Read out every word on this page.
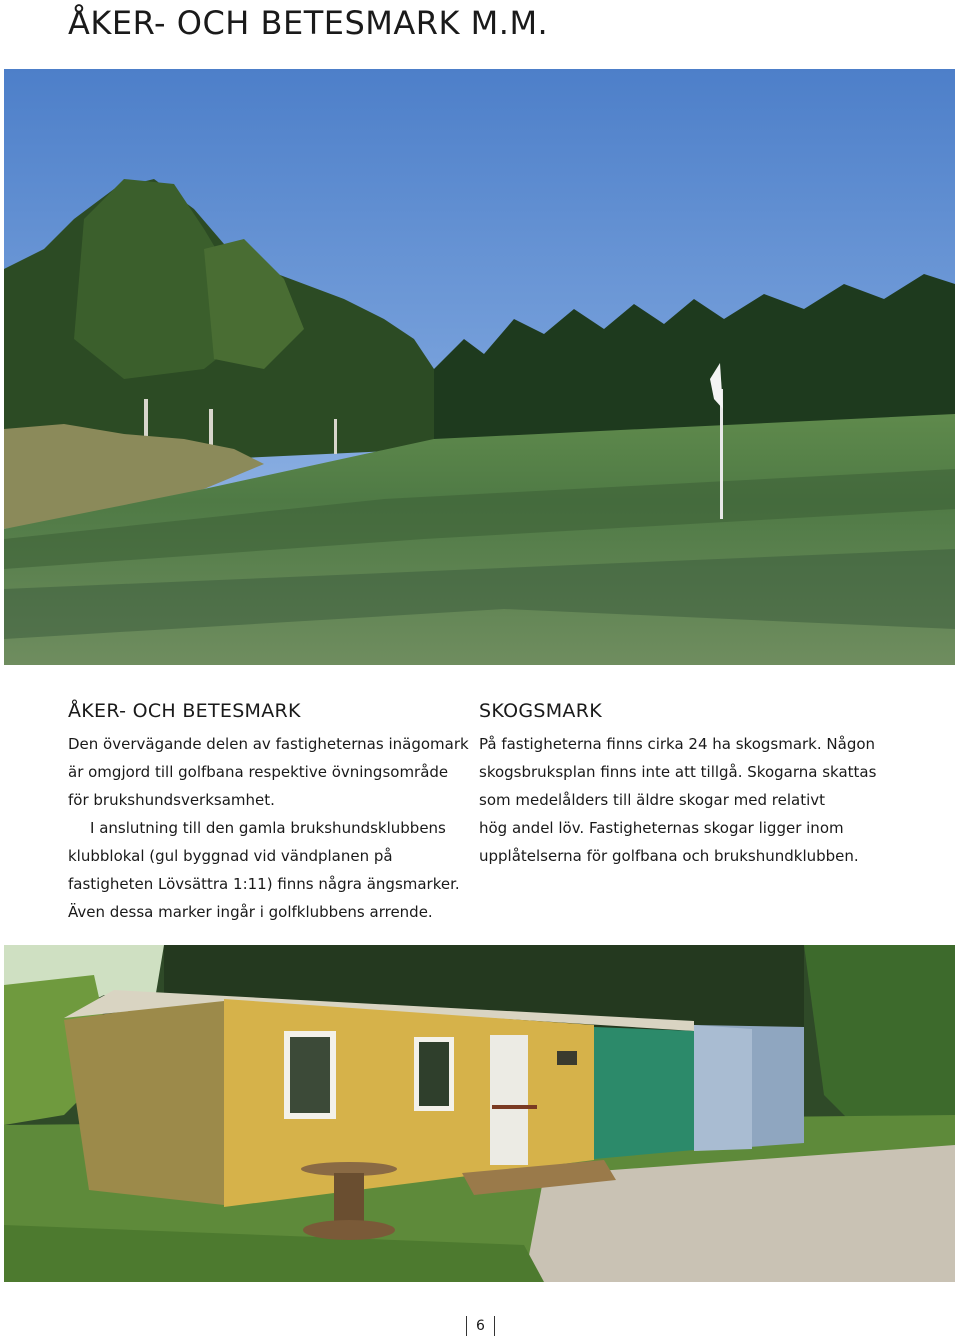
ÅKER- OCH BETESMARK M.M.
ÅKER- OCH BETESMARK
Den övervägande delen av fastigheternas inägomark
är omgjord till golfbana respektive övningsområde
för brukshundsverksamhet.
I anslutning till den gamla brukshundsklubbens
klubblokal (gul byggnad vid vändplanen på
fastigheten Lövsättra 1:11) finns några ängsmarker.
Även dessa marker ingår i golfklubbens arrende.
SKOGSMARK
På fastigheterna finns cirka 24 ha skogsmark. Någon
skogsbruksplan finns inte att tillgå. Skogarna skattas
som medelålders till äldre skogar med relativt
hög andel löv. Fastigheternas skogar ligger inom
upplåtelserna för golfbana och brukshundklubben.
6
